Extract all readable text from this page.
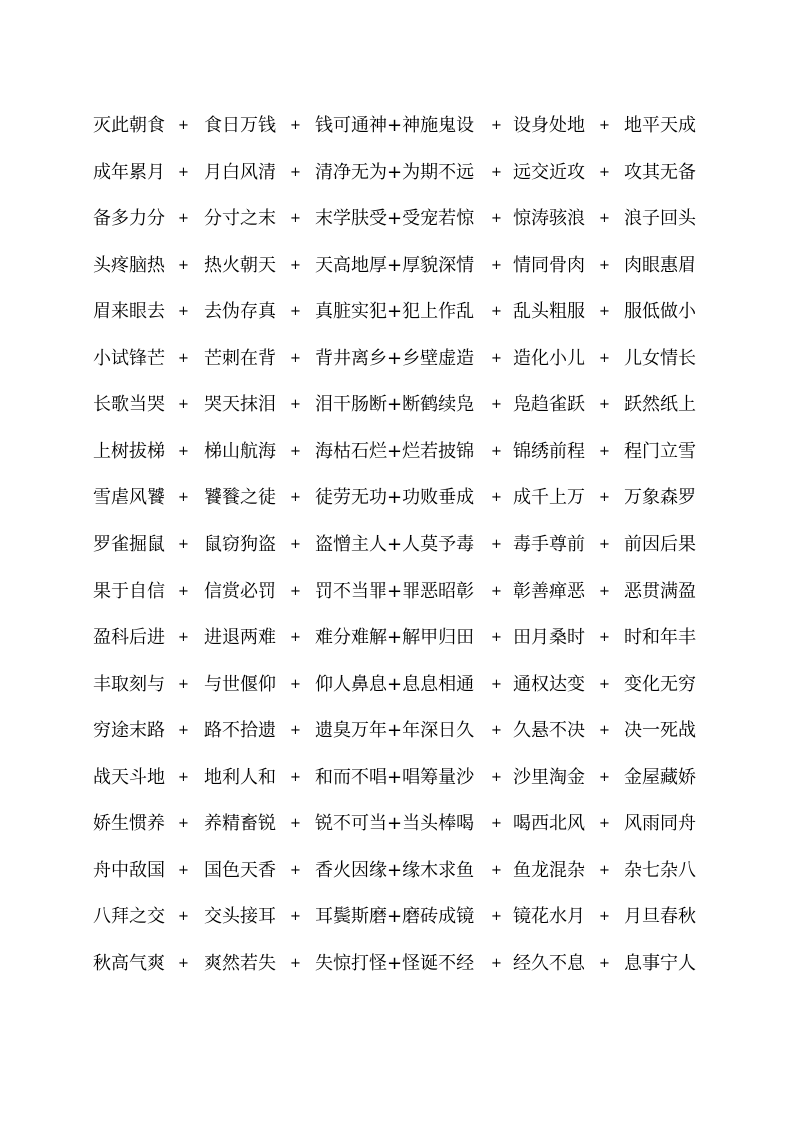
灭此朝食 + 食日万钱 + 钱可通神+神施鬼设 + 设身处地 + 地平天成
成年累月 + 月白风清 + 清净无为+为期不远 + 远交近攻 + 攻其无备
备多力分 + 分寸之末 + 末学肤受+受宠若惊 + 惊涛骇浪 + 浪子回头
头疼脑热 + 热火朝天 + 天高地厚+厚貌深情 + 情同骨肉 + 肉眼惠眉
眉来眼去 + 去伪存真 + 真脏实犯+犯上作乱 + 乱头粗服 + 服低做小
小试锋芒 + 芒刺在背 + 背井离乡+乡壁虚造 + 造化小儿 + 儿女情长
长歌当哭 + 哭天抹泪 + 泪干肠断+断鹤续凫 + 凫趋雀跃 + 跃然纸上
上树拔梯 + 梯山航海 + 海枯石烂+烂若披锦 + 锦绣前程 + 程门立雪
雪虐风饕 + 饕餮之徒 + 徒劳无功+功败垂成 + 成千上万 + 万象森罗
罗雀掘鼠 + 鼠窃狗盗 + 盗憎主人+人莫予毒 + 毒手尊前 + 前因后果
果于自信 + 信赏必罚 + 罚不当罪+罪恶昭彰 + 彰善瘅恶 + 恶贯满盈
盈科后进 + 进退两难 + 难分难解+解甲归田 + 田月桑时 + 时和年丰
丰取刻与 + 与世偃仰 + 仰人鼻息+息息相通 + 通权达变 + 变化无穷
穷途末路 + 路不拾遗 + 遗臭万年+年深日久 + 久悬不决 + 决一死战
战天斗地 + 地利人和 + 和而不唱+唱筹量沙 + 沙里淘金 + 金屋藏娇
娇生惯养 + 养精畜锐 + 锐不可当+当头棒喝 + 喝西北风 + 风雨同舟
舟中敌国 + 国色天香 + 香火因缘+缘木求鱼 + 鱼龙混杂 + 杂七杂八
八拜之交 + 交头接耳 + 耳鬓斯磨+磨砖成镜 + 镜花水月 + 月旦春秋
秋高气爽 + 爽然若失 + 失惊打怪+怪诞不经 + 经久不息 + 息事宁人
